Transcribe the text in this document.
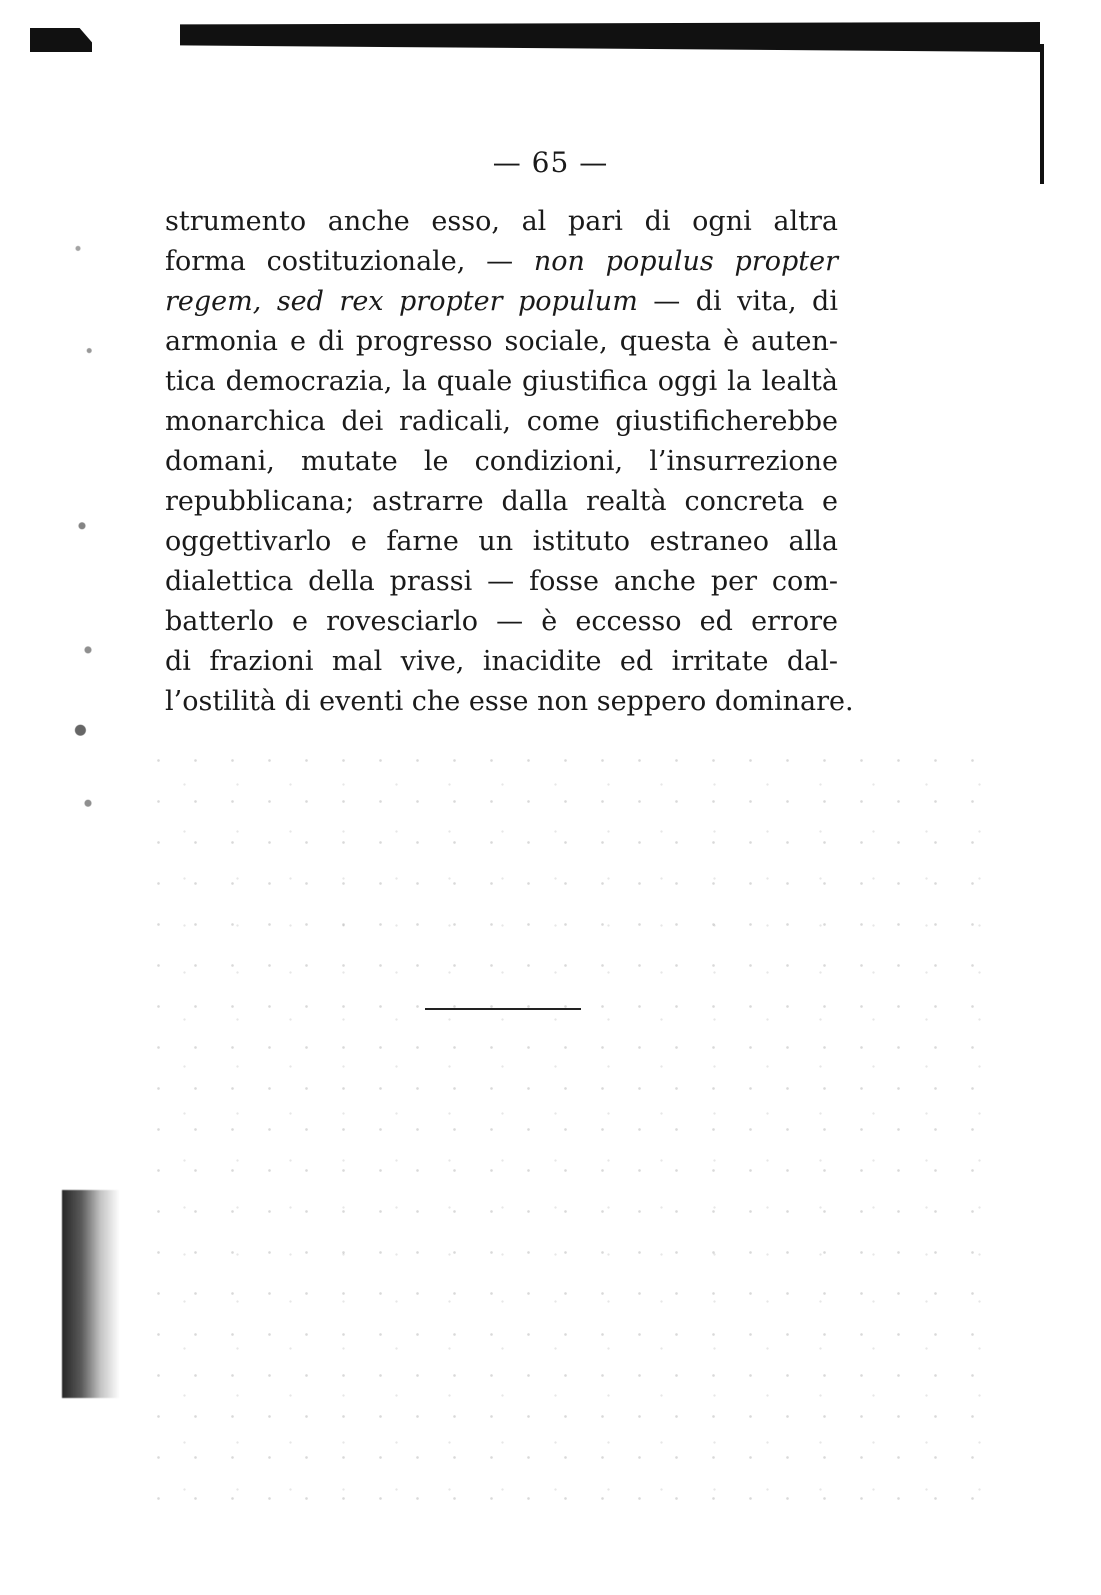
— 65 —
strumento anche esso, al pari di ogni altra
forma costituzionale, — non populus propter
regem, sed rex propter populum — di vita, di
armonia e di progresso sociale, questa è auten-
tica democrazia, la quale giustifica oggi la lealtà
monarchica dei radicali, come giustificherebbe
domani, mutate le condizioni, l’insurrezione
repubblicana; astrarre dalla realtà concreta e
oggettivarlo e farne un istituto estraneo alla
dialettica della prassi — fosse anche per com-
batterlo e rovesciarlo — è eccesso ed errore
di frazioni mal vive, inacidite ed irritate dal-
l’ostilità di eventi che esse non seppero dominare.
